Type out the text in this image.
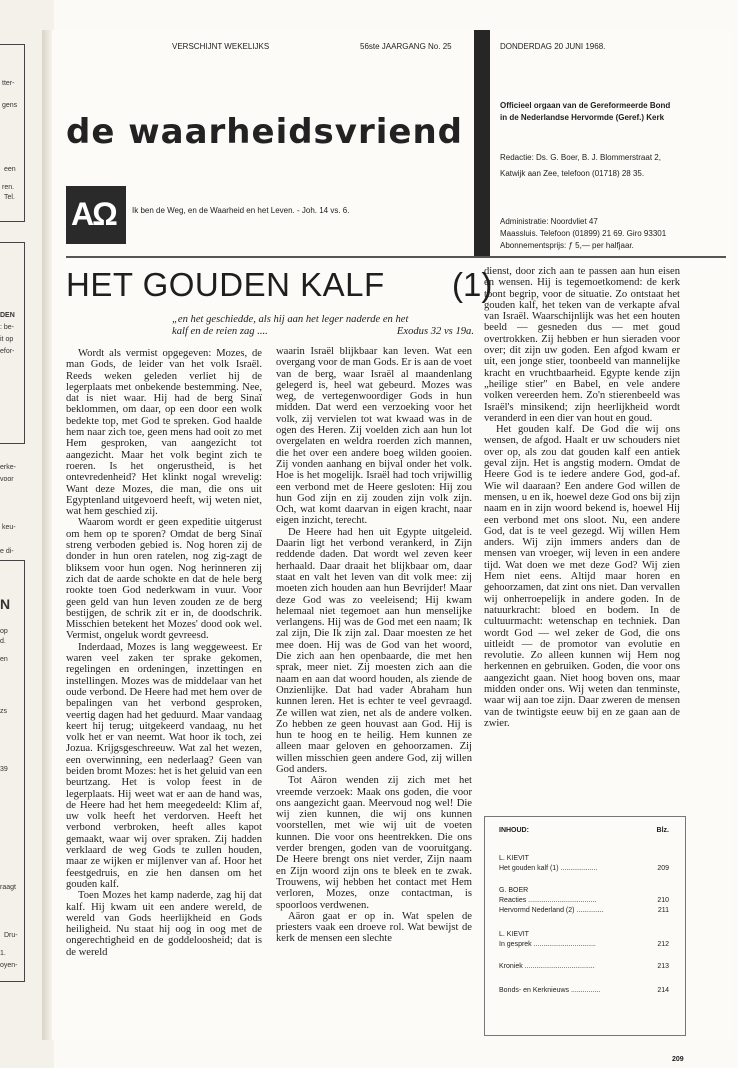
tter-
gens
een
ren.
Tel.
DEN
: be-
it op
efor-
erke-
voor
keu-
e di-
N
op
d.
en
zs
39
raagt
Dru-
1.
oyen-
VERSCHIJNT WEKELIJKS	56ste JAARGANG No. 25	DONDERDAG 20 JUNI 1968.
de waarheidsvriend
AΩ Ik ben de Weg, en de Waarheid en het Leven. - Joh. 14 vs. 6.
Officieel orgaan van de Gereformeerde Bond
in de Nederlandse Hervormde (Geref.) Kerk
Redactie: Ds. G. Boer, B. J. Blommerstraat 2,
Katwijk aan Zee, telefoon (01718) 28 35.
Administratie: Noordvliet 47
Maassluis. Telefoon (01899) 21 69. Giro 93301
Abonnementsprijs: ƒ 5,— per halfjaar.
HET GOUDEN KALF (1)
„en het geschiedde, als hij aan het leger naderde en het
kalf en de reien zag ....	Exodus 32 vs 19a.

Wordt als vermist opgegeven: Mozes, de man Gods, de leider van het volk Israël. Reeds weken geleden verliet hij de legerplaats met onbekende bestemming. Nee, dat is niet waar. Hij had de berg Sinaï beklommen, om daar, op een door een wolk bedekte top, met God te spreken. God haalde hem naar zich toe, geen mens had ooit zo met Hem gesproken, van aangezicht tot aangezicht. Maar het volk begint zich te roeren. Is het ongerustheid, is het ontevredenheid? Het klinkt nogal wrevelig: Want deze Mozes, die man, die ons uit Egyptenland uitgevoerd heeft, wij weten niet, wat hem geschied zij.

Waarom wordt er geen expeditie uitgerust om hem op te sporen? Omdat de berg Sinaï streng verboden gebied is. Nog horen zij de donder in hun oren ratelen, nog zig-zagt de bliksem voor hun ogen. Nog herinneren zij zich dat de aarde schokte en dat de hele berg rookte toen God nederkwam in vuur. Voor geen geld van hun leven zouden ze de berg bestijgen, de schrik zit er in, de doodschrik. Misschien betekent het Mozes' dood ook wel. Vermist, ongeluk wordt gevreesd.

Inderdaad, Mozes is lang weggeweest. Er waren veel zaken ter sprake gekomen, regelingen en ordeningen, inzettingen en instellingen. Mozes was de middelaar van het oude verbond. De Heere had met hem over de bepalingen van het verbond gesproken, veertig dagen had het geduurd. Maar vandaag keert hij terug; uitgekeerd vandaag, nu het volk het er van neemt. Wat hoor ik toch, zei Jozua. Krijgsgeschreeuw. Wat zal het wezen, een overwinning, een nederlaag? Geen van beiden bromt Mozes: het is het geluid van een beurtzang. Het is volop feest in de legerplaats. Hij weet wat er aan de hand was, de Heere had het hem meegedeeld: Klim af, uw volk heeft het verdorven. Heeft het verbond verbroken, heeft alles kapot gemaakt, waar wij over spraken. Zij hadden verklaard de weg Gods te zullen houden, maar ze wijken er mijlenver van af. Hoor het feestgedruis, en zie hen dansen om het gouden kalf.

Toen Mozes het kamp naderde, zag hij dat kalf. Hij kwam uit een andere wereld, de wereld van Gods heerlijkheid en Gods heiligheid. Nu staat hij oog in oog met de ongerechtigheid en de goddeloosheid; dat is de wereld

waarin Israël blijkbaar kan leven. Wat een overgang voor de man Gods. Er is aan de voet van de berg, waar Israël al maandenlang gelegerd is, heel wat gebeurd. Mozes was weg, de vertegenwoordiger Gods in hun midden. Dat werd een verzoeking voor het volk, zij vervielen tot wat kwaad was in de ogen des Heren. Zij voelden zich aan hun lot overgelaten en weldra roerden zich mannen, die het over een andere boeg wilden gooien. Zij vonden aanhang en bijval onder het volk. Hoe is het mogelijk. Israël had toch vrijwillig een verbond met de Heere gesloten: Hij zou hun God zijn en zij zouden zijn volk zijn. Och, wat komt daarvan in eigen kracht, naar eigen inzicht, terecht.

De Heere had hen uit Egypte uitgeleid. Daarin ligt het verbond verankerd, in Zijn reddende daden. Dat wordt wel zeven keer herhaald. Daar draait het blijkbaar om, daar staat en valt het leven van dit volk mee: zij moeten zich houden aan hun Bevrijder! Maar deze God was zo veeleisend; Hij kwam helemaal niet tegemoet aan hun menselijke verlangens. Hij was de God met een naam; Ik zal zijn, Die Ik zijn zal. Daar moesten ze het mee doen. Hij was de God van het woord, Die zich aan hen openbaarde, die met hen sprak, meer niet. Zij moesten zich aan die naam en aan dat woord houden, als ziende de Onzienlijke. Dat had vader Abraham hun kunnen leren. Het is echter te veel gevraagd. Ze willen wat zien, net als de andere volken. Zo hebben ze geen houvast aan God. Hij is hun te hoog en te heilig. Hem kunnen ze alleen maar geloven en gehoorzamen. Zij willen misschien geen andere God, zij willen God anders.

Tot Aäron wenden zij zich met het vreemde verzoek: Maak ons goden, die voor ons aangezicht gaan. Meervoud nog wel! Die wij zien kunnen, die wij ons kunnen voorstellen, met wie wij uit de voeten kunnen. Die voor ons heentrekken. Die ons verder brengen, goden van de vooruitgang. De Heere brengt ons niet verder, Zijn naam en Zijn woord zijn ons te bleek en te zwak. Trouwens, wij hebben het contact met Hem verloren, Mozes, onze contactman, is spoorloos verdwenen.

Aäron gaat er op in. Wat spelen de priesters vaak een droeve rol. Wat bewijst de kerk de mensen een slechte

dienst, door zich aan te passen aan hun eisen en wensen. Hij is tegemoetkomend: de kerk toont begrip, voor de situatie. Zo ontstaat het gouden kalf, het teken van de verkapte afval van Israël. Waarschijnlijk was het een houten beeld — gesneden dus — met goud overtrokken. Zij hebben er hun sieraden voor over; dit zijn uw goden. Een afgod kwam er uit, een jonge stier, toonbeeld van mannelijke kracht en vruchtbaarheid. Egypte kende zijn „heilige stier" en Babel, en vele andere volken vereerden hem. Zo'n stierenbeeld was Israël's minsikend; zijn heerlijkheid wordt veranderd in een dier van hout en goud.

Het gouden kalf. De God die wij ons wensen, de afgod. Haalt er uw schouders niet over op, als zou dat gouden kalf een antiek geval zijn. Het is angstig modern. Omdat de Heere God is te iedere andere God, god-af. Wie wil daaraan? Een andere God willen de mensen, u en ik, hoewel deze God ons bij zijn naam en in zijn woord bekend is, hoewel Hij een verbond met ons sloot. Nu, een andere God, dat is te veel gezegd. Wij willen Hem anders. Wij zijn immers anders dan de mensen van vroeger, wij leven in een andere tijd. Wat doen we met deze God? Wij zien Hem niet eens. Altijd maar horen en gehoorzamen, dat zint ons niet. Dan vervallen wij onherroepelijk in andere goden. In de natuurkracht: bloed en bodem. In de cultuurmacht: wetenschap en techniek. Dan wordt God — wel zeker de God, die ons uitleidt — de promotor van evolutie en revolutie. Zo alleen kunnen wij Hem nog herkennen en gebruiken. Goden, die voor ons aangezicht gaan. Niet hoog boven ons, maar midden onder ons. Wij weten dan tenminste, waar wij aan toe zijn. Daar zweren de mensen van de twintigste eeuw bij en ze gaan aan de zwier.

INHOUD:	Blz.
L. KIEVIT
Het gouden kalf (1) ...................	209
G. BOER
Reacties ...................................	210
Hervormd Nederland (2) ..............	211
L. KIEVIT
In gesprek ................................	212
Kroniek ....................................	213
Bonds- en Kerknieuws ...............	214
209
